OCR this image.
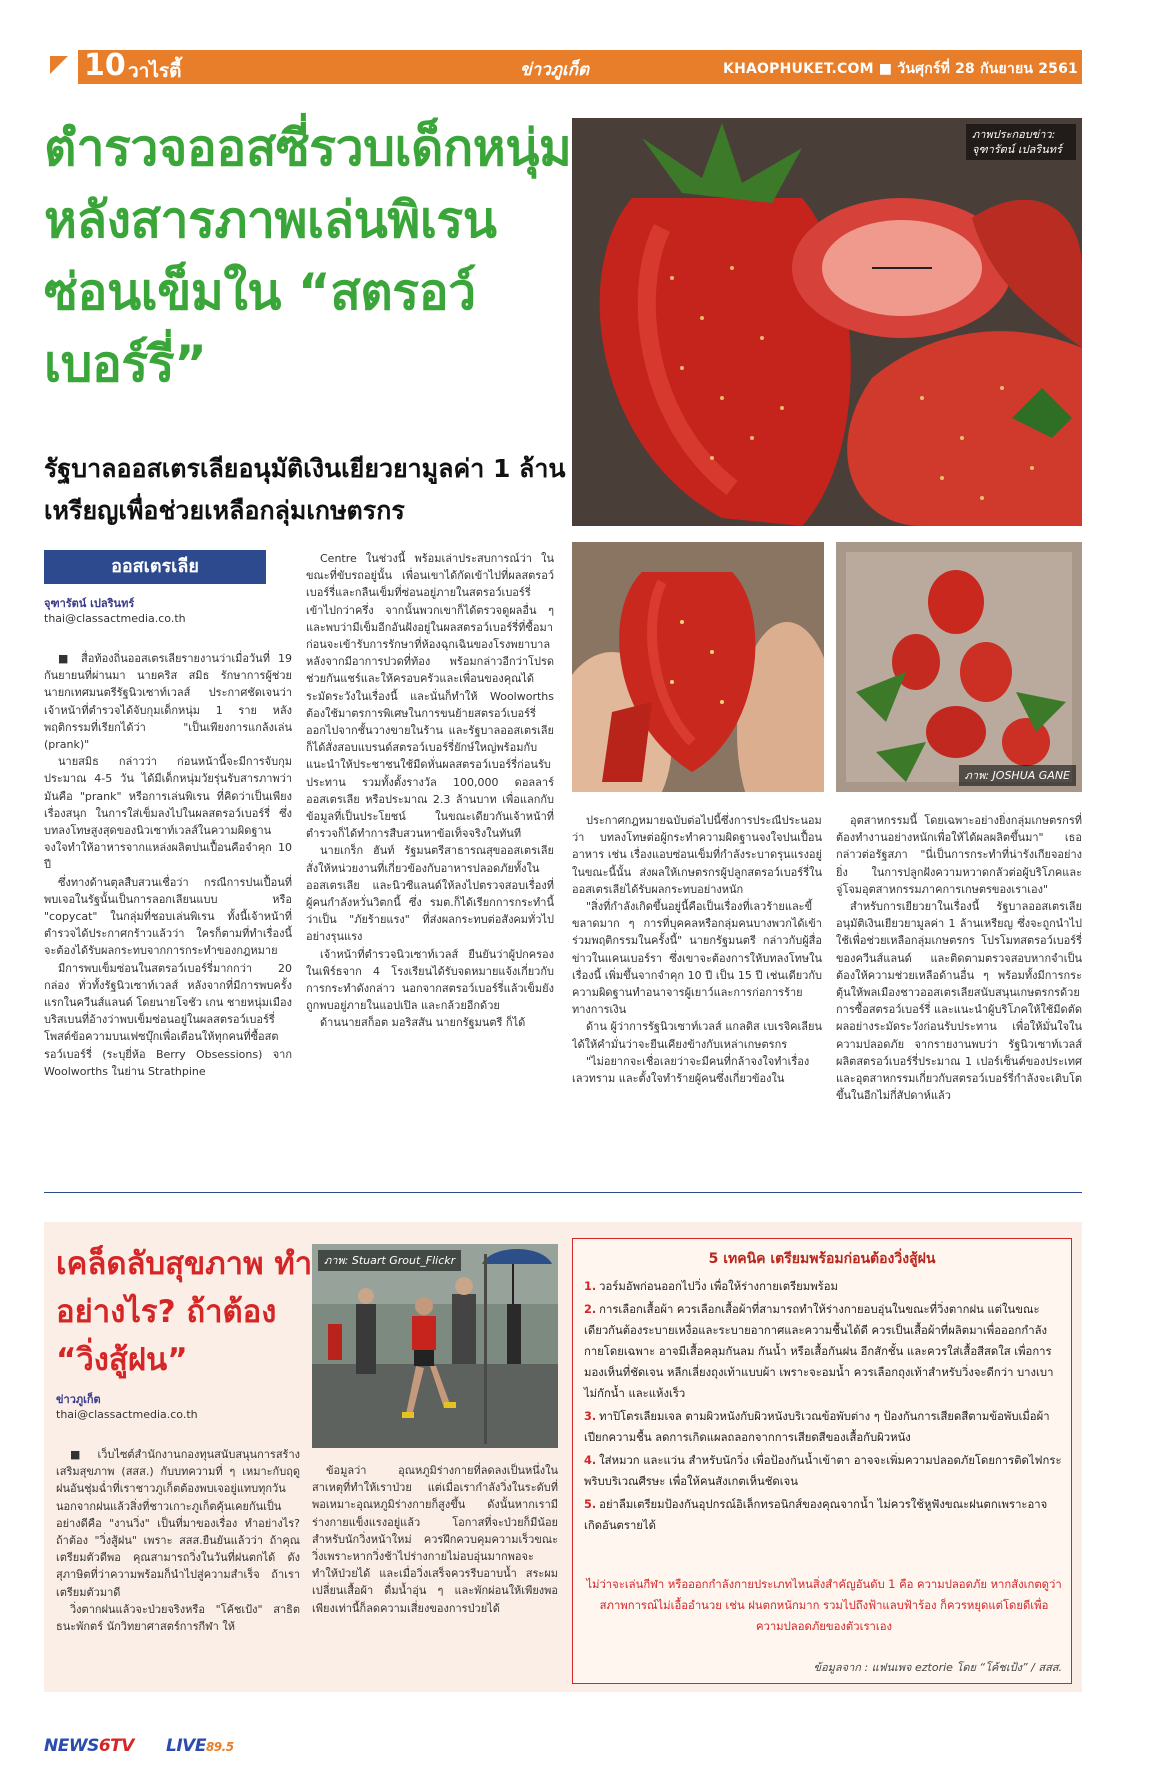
10 วาไรตี้	ข่าวภูเก็ต	KHAOPHUKET.COM ■ วันศุกร์ที่ 28 กันยายน 2561
ตำรวจออสซี่รวบเด็กหนุ่มหลังสารภาพเล่นพิเรนซ่อนเข็มใน “สตรอว์เบอร์รี่”
รัฐบาลออสเตรเลียอนุมัติเงินเยียวยามูลค่า 1 ล้านเหรียญเพื่อช่วยเหลือกลุ่มเกษตรกร
ภาพประกอบข่าว: จุฑารัตน์ เปลรินทร์
ภาพ: JOSHUA GANE
ออสเตรเลีย
จุฑารัตน์ เปลรินทร์
thai@classactmedia.co.th

■ สื่อท้องถิ่นออสเตรเลียรายงานว่าเมื่อวันที่ 19 กันยายนที่ผ่านมา นายคริส สมิธ รักษาการผู้ช่วยนายกเทศมนตรีรัฐนิวเซาท์เวลส์ ประกาศชัดเจนว่าเจ้าหน้าที่ตำรวจได้จับกุมเด็กหนุ่ม 1 ราย หลังพฤติกรรมที่เรียกได้ว่า "เป็นเพียงการแกล้งเล่น (prank)"

นายสมิธ กล่าวว่า ก่อนหน้านี้จะมีการจับกุมประมาณ 4-5 วัน ได้มีเด็กหนุ่มวัยรุ่นรับสารภาพว่ามันคือ "prank" หรือการเล่นพิเรน ที่คิดว่าเป็นเพียงเรื่องสนุก ในการใส่เข็มลงไปในผลสตรอว์เบอร์รี่ ซึ่งบทลงโทษสูงสุดของนิวเซาท์เวลส์ในความผิดฐานจงใจทำให้อาหารจากแหล่งผลิตปนเปื้อนคือจำคุก 10 ปี

ซึ่งทางด้านตุลสืบสวนเชื่อว่า กรณีการปนเปื้อนที่พบเจอในรัฐนั้นเป็นการลอกเลียนแบบ หรือ "copycat" ในกลุ่มที่ชอบเล่นพิเรน ทั้งนี้เจ้าหน้าที่ตำรวจได้ประกาศกร้าวแล้วว่า ใครก็ตามที่ทำเรื่องนี้จะต้องได้รับผลกระทบจากการกระทำของกฎหมาย

มีการพบเข็มซ่อนในสตรอว์เบอร์รี่มากกว่า 20 กล่อง ทั่วทั้งรัฐนิวเซาท์เวลส์ หลังจากที่มีการพบครั้งแรกในควีนส์แลนด์ โดยนายโจชัว เกน ชายหนุ่มเมืองบริสเบนที่อ้างว่าพบเข็มซ่อนอยู่ในผลสตรอว์เบอร์รี่โพสต์ข้อความบนเฟซบุ๊กเพื่อเตือนให้ทุกคนที่ซื้อสตรอว์เบอร์รี่ (ระบุยี่ห้อ Berry Obsessions) จาก Woolworths ในย่าน Strathpine

Centre ในช่วงนี้ พร้อมเล่าประสบการณ์ว่า ในขณะที่ขับรถอยู่นั้น เพื่อนเขาได้กัดเข้าไปที่ผลสตรอว์เบอร์รี่และกลืนเข็มที่ซ่อนอยู่ภายในสตรอว์เบอร์รี่เข้าไปกว่าครึ่ง จากนั้นพวกเขาก็ได้ตรวจดูผลอื่น ๆ และพบว่ามีเข็มอีกอันฝังอยู่ในผลสตรอว์เบอร์รี่ที่ซื้อมา ก่อนจะเข้ารับการรักษาที่ห้องฉุกเฉินของโรงพยาบาลหลังจากมีอาการปวดที่ท้อง พร้อมกล่าวอีกว่าโปรดช่วยกันแชร์และให้ครอบครัวและเพื่อนของคุณได้ระมัดระวังในเรื่องนี้ และนั่นก็ทำให้ Woolworths ต้องใช้มาตรการพิเศษในการขนย้ายสตรอว์เบอร์รี่ออกไปจากชั้นวางขายในร้าน และรัฐบาลออสเตรเลียก็ได้สั่งสอบแบรนด์สตรอว์เบอร์รี่ยักษ์ใหญ่พร้อมกับแนะนำให้ประชาชนใช้มีดหั่นผลสตรอว์เบอร์รี่ก่อนรับประทาน รวมทั้งตั้งรางวัล 100,000 ดอลลาร์ออสเตรเลีย หรือประมาณ 2.3 ล้านบาท เพื่อแลกกับข้อมูลที่เป็นประโยชน์ ในขณะเดียวกันเจ้าหน้าที่ตำรวจก็ได้ทำการสืบสวนหาข้อเท็จจริงในทันที

นายเกร็ก ฮันท์ รัฐมนตรีสาธารณสุขออสเตรเลีย สั่งให้หน่วยงานที่เกี่ยวข้องกับอาหารปลอดภัยทั้งในออสเตรเลีย และนิวซีแลนด์ให้ลงไปตรวจสอบเรื่องที่ผู้คนกำลังหวั่นวิตกนี้ ซึ่ง รมต.ก็ได้เรียกการกระทำนี้ว่าเป็น "ภัยร้ายแรง" ที่ส่งผลกระทบต่อสังคมทั่วไปอย่างรุนแรง

เจ้าหน้าที่ตำรวจนิวเซาท์เวลส์ ยืนยันว่าผู้ปกครองในเพิร์ธจาก 4 โรงเรียนได้รับจดหมายแจ้งเกี่ยวกับการกระทำดังกล่าว นอกจากสตรอว์เบอร์รี่แล้วเข็มยังถูกพบอยู่ภายในแอปเปิล และกล้วยอีกด้วย

ด้านนายสก็อต มอริสสัน นายกรัฐมนตรี ก็ได้

ประกาศกฎหมายฉบับต่อไปนี้ซึ่งการประณีประนอมว่า บทลงโทษต่อผู้กระทำความผิดฐานจงใจปนเปื้อนอาหาร เช่น เรื่องแอบซ่อนเข็มที่กำลังระบาดรุนแรงอยู่ในขณะนี้นั้น ส่งผลให้เกษตรกรผู้ปลูกสตรอว์เบอร์รี่ในออสเตรเลียได้รับผลกระทบอย่างหนัก

"สิ่งที่กำลังเกิดขึ้นอยู่นี้คือเป็นเรื่องที่เลวร้ายและขี้ขลาดมาก ๆ การที่บุคคลหรือกลุ่มคนบางพวกได้เข้าร่วมพฤติกรรมในครั้งนี้" นายกรัฐมนตรี กล่าวกับผู้สื่อข่าวในแคนเบอร์รา ซึ่งเขาจะต้องการให้บทลงโทษในเรื่องนี้ เพิ่มขึ้นจากจำคุก 10 ปี เป็น 15 ปี เช่นเดียวกับความผิดฐานทำอนาจารผู้เยาว์และการก่อการร้ายทางการเงิน

ด้าน ผู้ว่าการรัฐนิวเซาท์เวลส์ แกลดิส เบเรจิคเลียน ได้ให้คำมั่นว่าจะยืนเคียงข้างกับเหล่าเกษตรกร

"ไม่อยากจะเชื่อเลยว่าจะมีคนที่กล้าจงใจทำเรื่องเลวทราม และตั้งใจทำร้ายผู้คนซึ่งเกี่ยวข้องใน

อุตสาหกรรมนี้ โดยเฉพาะอย่างยิ่งกลุ่มเกษตรกรที่ต้องทำงานอย่างหนักเพื่อให้ได้ผลผลิตขึ้นมา" เธอ กล่าวต่อรัฐสภา "นี่เป็นการกระทำที่น่ารังเกียจอย่างยิ่ง ในการปลูกฝังความหวาดกลัวต่อผู้บริโภคและจู่โจมอุตสาหกรรมภาคการเกษตรของเราเอง"

สำหรับการเยียวยาในเรื่องนี้ รัฐบาลออสเตรเลียอนุมัติเงินเยียวยามูลค่า 1 ล้านเหรียญ ซึ่งจะถูกนำไปใช้เพื่อช่วยเหลือกลุ่มเกษตรกร โปรโมทสตรอว์เบอร์รี่ของควีนส์แลนด์ และติดตามตรวจสอบหากจำเป็น ต้องให้ความช่วยเหลือด้านอื่น ๆ พร้อมทั้งมีการกระตุ้นให้พลเมืองชาวออสเตรเลียสนับสนุนเกษตรกรด้วยการซื้อสตรอว์เบอร์รี่ และแนะนำผู้บริโภคให้ใช้มีดตัดผลอย่างระมัดระวังก่อนรับประทาน เพื่อให้มั่นใจในความปลอดภัย จากรายงานพบว่า รัฐนิวเซาท์เวลส์ผลิตสตรอว์เบอร์รี่ประมาณ 1 เปอร์เซ็นต์ของประเทศ และอุตสาหกรรมเกี่ยวกับสตรอว์เบอร์รี่กำลังจะเติบโตขึ้นในอีกไม่กี่สัปดาห์แล้ว

เคล็ดลับสุขภาพ ทำอย่างไร? ถ้าต้อง “วิ่งสู้ฝน”
ข่าวภูเก็ต
thai@classactmedia.co.th

■ เว็บไซต์สำนักงานกองทุนสนับสนุนการสร้างเสริมสุขภาพ (สสส.) กับบทความที่ ๆ เหมาะกับฤดูฝนอันชุ่มฉ่ำที่เราชาวภูเก็ตต้องพบเจอยู่แทบทุกวัน นอกจากฝนแล้วสิ่งที่ชาวเกาะภูเก็ตคุ้นเคยกันเป็นอย่างดีคือ "งานวิ่ง" เป็นที่มาของเรื่อง ทำอย่างไร? ถ้าต้อง "วิ่งสู้ฝน" เพราะ สสส.ยืนยันแล้วว่า ถ้าคุณเตรียมตัวดีพอ คุณสามารถวิ่งในวันที่ฝนตกได้ ดังสุภาษิตที่ว่าความพร้อมก็นำไปสู่ความสำเร็จ ถ้าเราเตรียมตัวมาดี

วิ่งตากฝนแล้วจะป่วยจริงหรือ "โค้ชเป้ง" สาธิต ธนะพักตร์ นักวิทยาศาสตร์การกีฬา ให้

ภาพ: Stuart Grout_Flickr

ข้อมูลว่า อุณหภูมิร่างกายที่ลดลงเป็นหนึ่งในสาเหตุที่ทำให้เราป่วย แต่เมื่อเรากำลังวิ่งในระดับที่พอเหมาะอุณหภูมิร่างกายก็สูงขึ้น ดังนั้นหากเรามีร่างกายแข็งแรงอยู่แล้ว โอกาสที่จะป่วยก็มีน้อย สำหรับนักวิ่งหน้าใหม่ ควรฝึกควบคุมความเร็วขณะวิ่งเพราะหากวิ่งช้าไปร่างกายไม่อบอุ่นมากพอจะทำให้ป่วยได้ และเมื่อวิ่งเสร็จควรรีบอาบน้ำ สระผม เปลี่ยนเสื้อผ้า ดื่มน้ำอุ่น ๆ และพักผ่อนให้เพียงพอ เพียงเท่านี้ก็ลดความเสี่ยงของการป่วยได้

5 เทคนิค เตรียมพร้อมก่อนต้องวิ่งสู้ฝน
1. วอร์มอัพก่อนออกไปวิ่ง เพื่อให้ร่างกายเตรียมพร้อม
2. การเลือกเสื้อผ้า ควรเลือกเสื้อผ้าที่สามารถทำให้ร่างกายอบอุ่นในขณะที่วิ่งตากฝน แต่ในขณะเดียวกันต้องระบายเหงื่อและระบายอากาศและความชื้นได้ดี ควรเป็นเสื้อผ้าที่ผลิตมาเพื่อออกกำลังกายโดยเฉพาะ อาจมีเสื้อคลุมกันลม กันน้ำ หรือเสื้อกันฝน อีกสักชั้น และควรใส่เสื้อสีสดใส เพื่อการมองเห็นที่ชัดเจน หลีกเลี่ยงถุงเท้าแบบผ้า เพราะจะอมน้ำ ควรเลือกถุงเท้าสำหรับวิ่งจะดีกว่า บางเบา ไม่กักน้ำ และแห้งเร็ว
3. ทาปิโตรเลียมเจล ตามผิวหนังกับผิวหนังบริเวณข้อพับต่าง ๆ ป้องกันการเสียดสีตามข้อพับเมื่อผ้าเปียกความชื้น ลดการเกิดแผลถลอกจากการเสียดสีของเสื้อกับผิวหนัง
4. ใส่หมวก และแว่น สำหรับนักวิ่ง เพื่อป้องกันน้ำเข้าตา อาจจะเพิ่มความปลอดภัยโดยการติดไฟกระพริบบริเวณศีรษะ เพื่อให้คนสังเกตเห็นชัดเจน
5. อย่าลืมเตรียมป้องกันอุปกรณ์อิเล็กทรอนิกส์ของคุณจากน้ำ ไม่ควรใช้หูฟังขณะฝนตกเพราะอาจเกิดอันตรายได้
ไม่ว่าจะเล่นกีฬา หรือออกกำลังกายประเภทไหนสิ่งสำคัญอันดับ 1 คือ ความปลอดภัย หากสังเกตดูว่าสภาพการณ์ไม่เอื้ออำนวย เช่น ฝนตกหนักมาก รวมไปถึงฟ้าแลบฟ้าร้อง ก็ควรหยุดแต่โดยดีเพื่อความปลอดภัยของตัวเราเอง
ข้อมูลจาก : แฟนเพจ eztorie โดย “โค้ชเป้ง” / สสส.
NEWS6TV LIVE89.5
